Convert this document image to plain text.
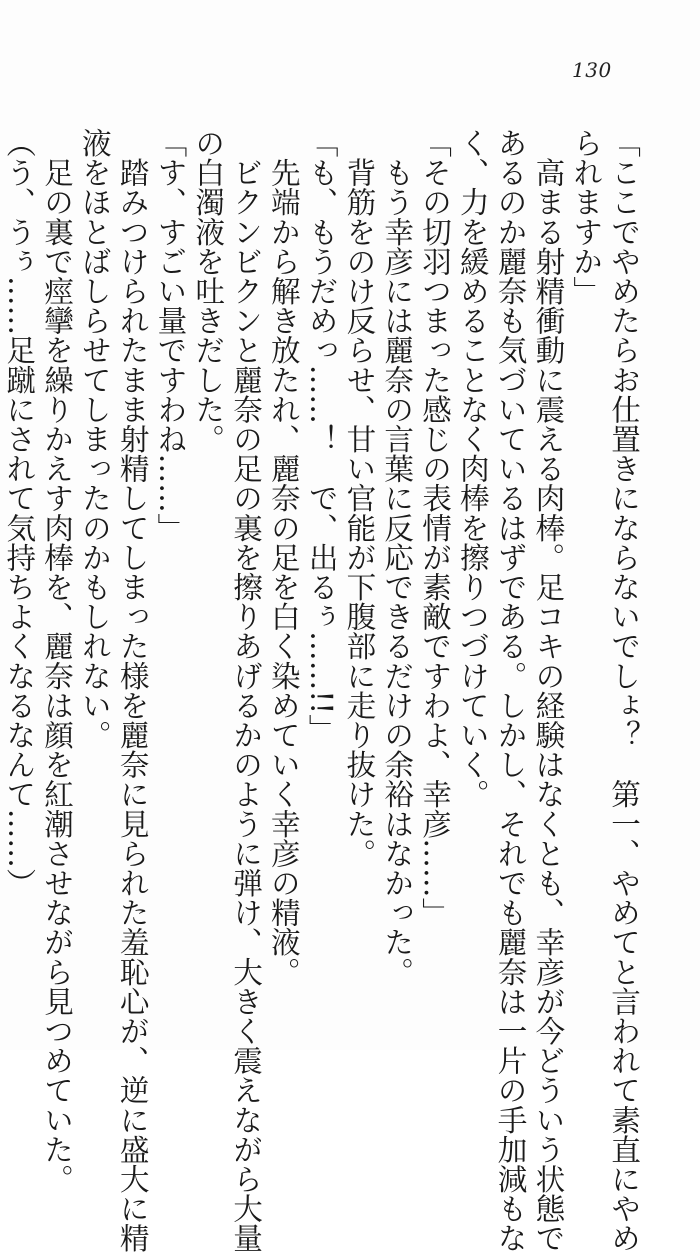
130
「ここでやめたらお仕置きにならないでしょ？　第一、やめてと言われて素直にやめ
られますか」
　高まる射精衝動に震える肉棒。足コキの経験はなくとも、幸彦が今どういう状態で
あるのか麗奈も気づいているはずである。しかし、それでも麗奈は一片の手加減もな
く、力を緩めることなく肉棒を擦りつづけていく。
「その切羽つまった感じの表情が素敵ですわよ、幸彦……」
　もう幸彦には麗奈の言葉に反応できるだけの余裕はなかった。
　背筋をのけ反らせ、甘い官能が下腹部に走り抜けた。
「も、もうだめっ……！　で、出るぅ……!!」
　先端から解き放たれ、麗奈の足を白く染めていく幸彦の精液。
　ビクンビクンと麗奈の足の裏を擦りあげるかのように弾け、大きく震えながら大量
の白濁液を吐きだした。
「す、すごい量ですわね……」
　踏みつけられたまま射精してしまった様を麗奈に見られた羞恥心が、逆に盛大に精
液をほとばしらせてしまったのかもしれない。
　足の裏で痙攣を繰りかえす肉棒を、麗奈は顔を紅潮させながら見つめていた。
（う、うぅ……足蹴にされて気持ちよくなるなんて……）
